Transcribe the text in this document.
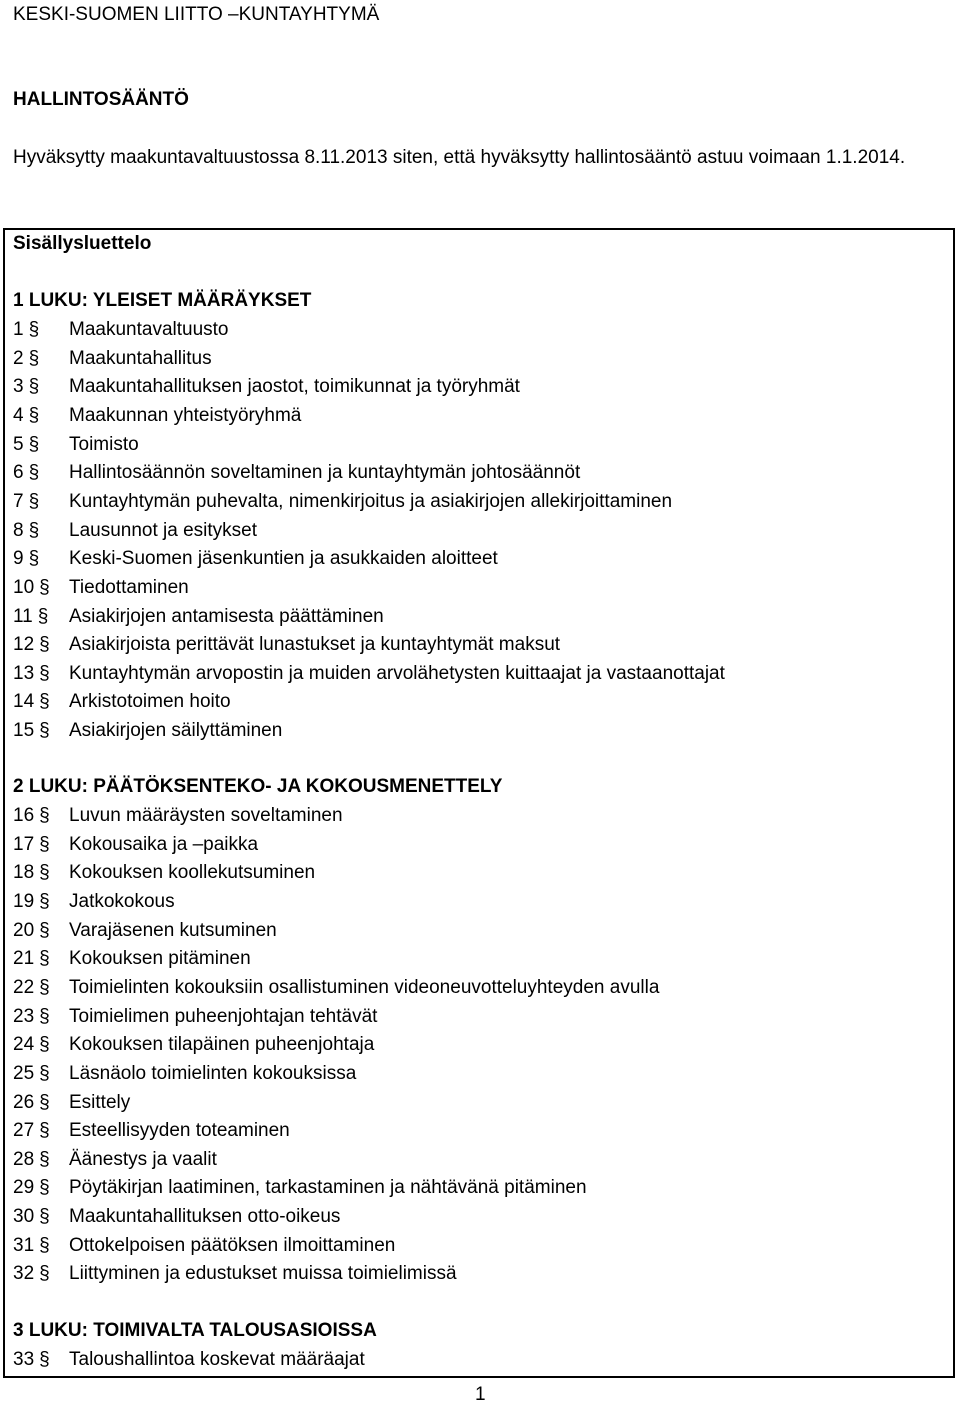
KESKI-SUOMEN LIITTO –KUNTAYHTYMÄ
HALLINTOSÄÄNTÖ
Hyväksytty maakuntavaltuustossa 8.11.2013 siten, että hyväksytty hallintosääntö astuu voimaan 1.1.2014.
Sisällysluettelo
1 LUKU: YLEISET MÄÄRÄYKSET
1 § Maakuntavaltuusto
2 § Maakuntahallitus
3 § Maakuntahallituksen jaostot, toimikunnat ja työryhmät
4 § Maakunnan yhteistyöryhmä
5 § Toimisto
6 § Hallintosäännön soveltaminen ja kuntayhtymän johtosäännöt
7 § Kuntayhtymän puhevalta, nimenkirjoitus ja asiakirjojen allekirjoittaminen
8 § Lausunnot ja esitykset
9 § Keski-Suomen jäsenkuntien ja asukkaiden aloitteet
10 § Tiedottaminen
11 § Asiakirjojen antamisesta päättäminen
12 § Asiakirjoista perittävät lunastukset ja kuntayhtymät maksut
13 § Kuntayhtymän arvopostin ja muiden arvolähetysten kuittaajat ja vastaanottajat
14 § Arkistotoimen hoito
15 § Asiakirjojen säilyttäminen
2 LUKU: PÄÄTÖKSENTEKO- JA KOKOUSMENETTELY
16 § Luvun määräysten soveltaminen
17 § Kokousaika ja –paikka
18 § Kokouksen koollekutsuminen
19 § Jatkokokous
20 § Varajäsenen kutsuminen
21 § Kokouksen pitäminen
22 § Toimielinten kokouksiin osallistuminen videoneuvotteluyhteyden avulla
23 § Toimielimen puheenjohtajan tehtävät
24 § Kokouksen tilapäinen puheenjohtaja
25 § Läsnäolo toimielinten kokouksissa
26 § Esittely
27 § Esteellisyyden toteaminen
28 § Äänestys ja vaalit
29 § Pöytäkirjan laatiminen, tarkastaminen ja nähtävänä pitäminen
30 § Maakuntahallituksen otto-oikeus
31 § Ottokelpoisen päätöksen ilmoittaminen
32 § Liittyminen ja edustukset muissa toimielimissä
3 LUKU: TOIMIVALTA TALOUSASIOISSA
33 § Taloushallintoa koskevat määräajat
1
